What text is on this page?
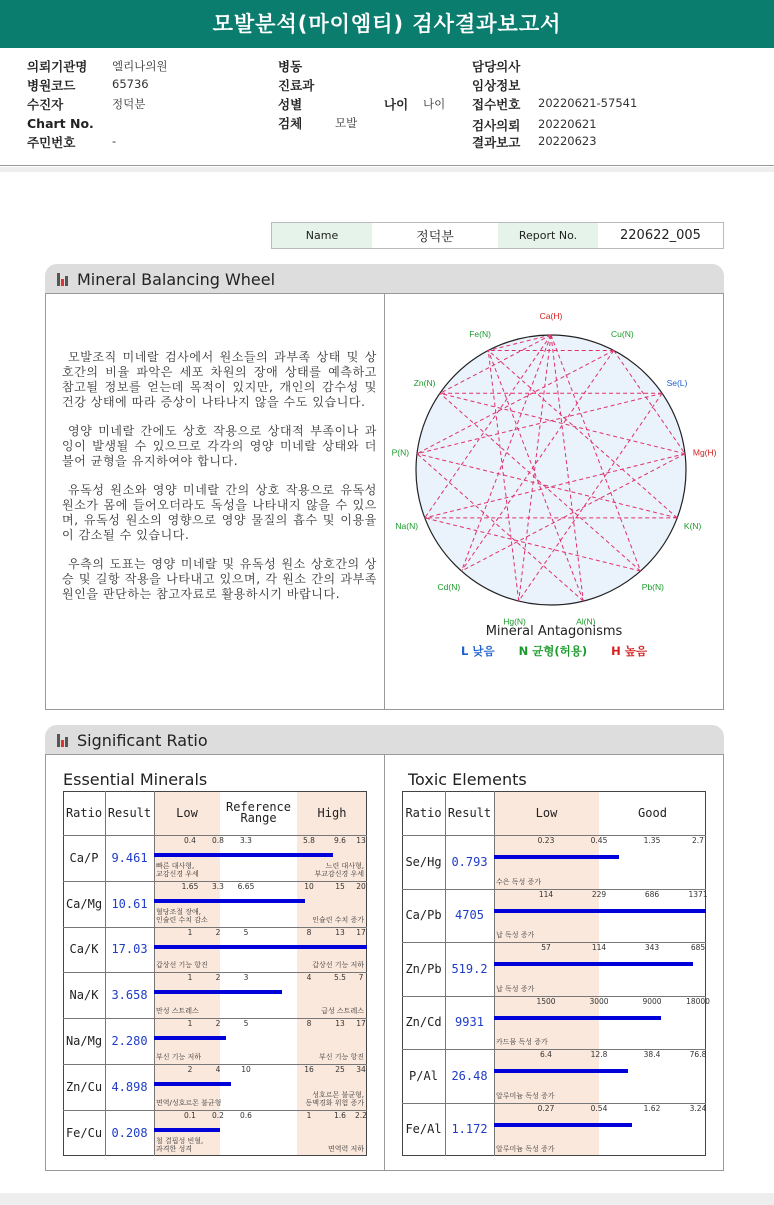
모발분석(마이엠티) 검사결과보고서
의뢰기관명 엘리나의원
병원코드	65736
수진자	정덕분
Chart No.
주민번호	-
병동
진료과
성별	나이 나이
검체	모발
담당의사
임상정보
접수번호 20220621-57541
검사의뢰 20220621
결과보고 20220623
Name	정덕분	Report No.	220622_005
Mineral Balancing Wheel

모발조직 미네랄 검사에서 원소들의 과부족 상태 및 상호간의 비율 파악은 세포 차원의 장애 상태를 예측하고 참고될 정보를 얻는데 목적이 있지만, 개인의 감수성 및 건강 상태에 따라 증상이 나타나지 않을 수도 있습니다.

영양 미네랄 간에도 상호 작용으로 상대적 부족이나 과잉이 발생될 수 있으므로 각각의 영양 미네랄 상태와 더불어 균형을 유지하여야 합니다.

유독성 원소와 영양 미네랄 간의 상호 작용으로 유독성 원소가 몸에 들어오더라도 독성을 나타내지 않을 수 있으며, 유독성 원소의 영향으로 영양 물질의 흡수 및 이용율이 감소될 수 있습니다.

우측의 도표는 영양 미네랄 및 유독성 원소 상호간의 상승 및 길항 작용을 나타내고 있으며, 각 원소 간의 과부족 원인을 판단하는 참고자료로 활용하시기 바랍니다.

Ca(H)
Cu(N)
Se(L)
Mg(H)
K(N)
Pb(N)
Al(N)
Hg(N)
Cd(N)
Na(N)
P(N)
Zn(N)
Fe(N)
Mineral Antagonisms
L 낮음 N 균형(허용) H 높음
Significant Ratio
Essential Minerals	Toxic Elements
Ratio Result	Low	Reference
Range	High
Ca/P	9.461
0.4 0.8 3.3	5.8	9.6 13
빠른 대사형,
교감신경 우세
느린 대사형,
부교감신경 우세
Ca/Mg 10.61
1.65 3.3 6.65	10	15 20
혈당조절 장애,
인슐린 수치 감소	인슐린 수치 증가
Ca/K	17.03
1	2	5	8	13 17
갑상선 기능 항진	갑상선 기능 저하
Na/K	3.658
1	2	3	4	5.5 7
만성 스트레스	급성 스트레스
Na/Mg 2.280
1	2	5	8	13 17
부신 기능 저하	부신 기능 항진
Zn/Cu 4.898
2	4	10	16	25 34
면역/성호르몬 불균형
성호르몬 불균형,
동맥경화 위험 증가
Fe/Cu 0.208
0.1 0.2 0.6	1	1.6 2.2
철 결핍성 빈혈,
과격한 성격	면역력 저하
Ratio Result	Low	Good
Se/Hg 0.793
0.23	0.45	1.35	2.7
수은 독성 증가
Ca/Pb	4705
114	229	686	1371
납 독성 증가
Zn/Pb 519.2
57	114	343	685
납 독성 증가
Zn/Cd	9931
1500	3000	9000	18000
카드뮴 독성 증가
P/Al	26.48
6.4	12.8	38.4	76.8
알루미늄 독성 증가
Fe/Al 1.172
0.27	0.54	1.62	3.24
알루미늄 독성 증가
